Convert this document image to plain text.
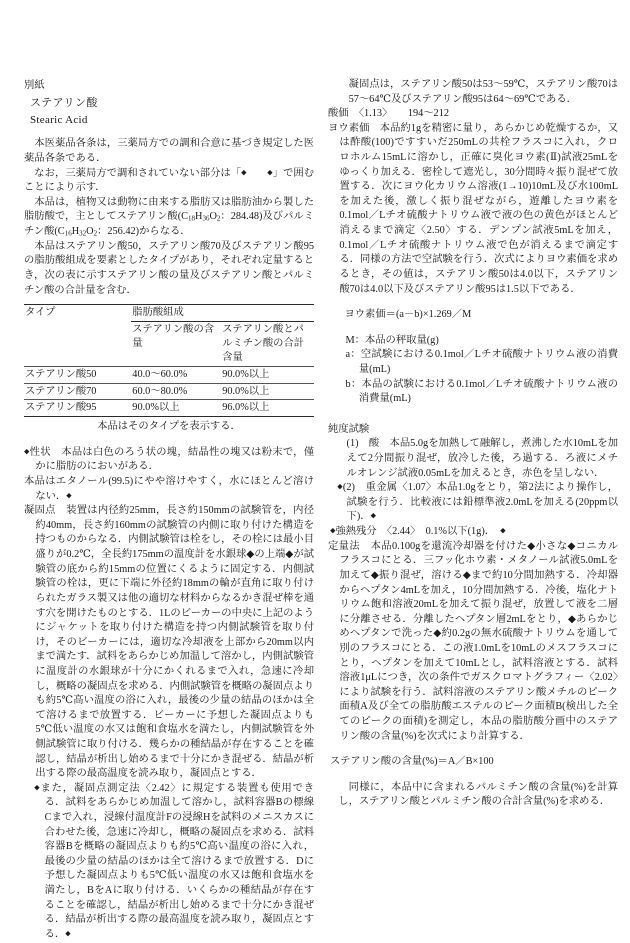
別紙
ステアリン酸
Stearic Acid

本医薬品各条は，三薬局方での調和合意に基づき規定した医薬品各条である．

なお，三薬局方で調和されていない部分は「◆　　	◆」で囲むことにより示す．

本品は，植物又は動物に由来する脂肪又は脂肪油から製した脂肪酸で，主としてステアリン酸($C_{18}H_{36}O_2$：284.48)及びパルミチン酸($C_{16}H_{32}O_2$：256.42)からなる．

本品はステアリン酸50，ステアリン酸70及びステアリン酸95の脂肪酸組成を要素としたタイプがあり，それぞれ定量するとき，次の表に示すステアリン酸の量及びステアリン酸とパルミチン酸の合計量を含む．

タイプ	脂肪酸組成	
	ステアリン酸の含量	ステアリン酸とパルミチン酸の合計含量
ステアリン酸50	40.0〜60.0%	90.0%以上
ステアリン酸70	60.0〜80.0%	90.0%以上
ステアリン酸95	90.0%以上	96.0%以上
本品はそのタイプを表示する．
◆性状　 本品は白色のろう状の塊，結晶性の塊又は粉末で，僅かに脂肪のにおいがある．
本品はエタノール(99.5)にやや溶けやすく，水にほとんど溶けない．◆
凝固点　 装置は内径約25mm，長さ約150mmの試験管を，内径約40mm，長さ約160mmの試験管の内側に取り付けた構造を持つものからなる．内側試験管は栓をし，その栓には最小目盛りが0.2℃，全長約175mmの温度計を水銀球◆の上端◆が試験管の底から約15mmの位置にくるように固定する．内側試験管の栓は，更に下端に外径約18mmの輪が直角に取り付けられたガラス製又は他の適切な材料からなるかき混ぜ棒を通す穴を開けたものとする．1Lのビーカーの中央に上記のようにジャケットを取り付けた構造を持つ内側試験管を取り付け，そのビーカーには，適切な冷却液を上部から20mm以内まで満たす．試料をあらかじめ加温して溶かし，内側試験管に温度計の水銀球が十分にかくれるまで入れ，急速に冷却し，概略の凝固点を求める．内側試験管を概略の凝固点よりも約5℃高い温度の浴に入れ，最後の少量の結晶のほかは全て溶けるまで放置する．ビーカーに予想した凝固点よりも5℃低い温度の水又は飽和食塩水を満たし，内側試験管を外側試験管に取り付ける．幾らかの種結晶が存在することを確認し，結晶が析出し始めるまで十分にかき混ぜる．結晶が析出する際の最高温度を読み取り，凝固点とする．
◆また，凝固点測定法〈2.42〉に規定する装置も使用できる．試料をあらかじめ加温して溶かし，試料容器Bの標線Cまで入れ，浸線付温度計Fの浸線Hを試料のメニスカスに合わせた後，急速に冷却し，概略の凝固点を求める．試料容器Bを概略の凝固点よりも約5℃高い温度の浴に入れ，最後の少量の結晶のほかは全て溶けるまで放置する．Dに予想した凝固点よりも5℃低い温度の水又は飽和食塩水を満たし，BをAに取り付ける．いくらかの種結晶が存在することを確認し，結晶が析出し始めるまで十分にかき混ぜる．結晶が析出する際の最高温度を読み取り，凝固点とする．◆
凝固点は，ステアリン酸50は53〜59℃，ステアリン酸70は57〜64℃及びステアリン酸95は64〜69℃である．
酸価　 〈1.13〉　　 194〜212
ヨウ素価　 本品約1gを精密に量り，あらかじめ乾燥するか，又は酢酸(100)ですすいだ250mLの共栓フラスコに入れ，クロロホルム15mLに溶かし，正確に臭化ヨウ素(Ⅱ)試液25mLをゆっくり加える．密栓して遮光し，30分間時々振り混ぜて放置する．次にヨウ化カリウム溶液(1→10)10mL及び水100mLを加えた後，激しく振り混ぜながら，遊離したヨウ素を0.1mol／Lチオ硫酸ナトリウム液で液の色の黄色がほとんど消えるまで滴定〈2.50〉する．デンプン試液5mLを加え，0.1mol／Lチオ硫酸ナトリウム液で色が消えるまで滴定する．同様の方法で空試験を行う．次式によりヨウ素価を求めるとき，その値は，ステアリン酸50は4.0以下，ステアリン酸70は4.0以下及びステアリン酸95は1.5以下である．
ヨウ素価＝(a－b)×1.269／M
M：本品の秤取量(g)
a：空試験における0.1mol／Lチオ硫酸ナトリウム液の消費量(mL)
b：本品の試験における0.1mol／Lチオ硫酸ナトリウム液の消費量(mL)
純度試験
(1)　酸　本品5.0gを加熱して融解し，煮沸した水10mLを加えて2分間振り混ぜ，放冷した後，ろ過する．ろ液にメチルオレンジ試液0.05mLを加えるとき，赤色を呈しない．
◆(2)　重金属〈1.07〉本品1.0gをとり，第2法により操作し，試験を行う．比較液には鉛標準液2.0mLを加える(20ppm以下)．◆
◆強熱残分　 〈2.44〉　 0.1%以下(1g)．　 ◆
定量法　 本品0.100gを還流冷却器を付けた◆小さな◆コニカルフラスコにとる．三フッ化ホウ素・メタノール試液5.0mLを加えて◆振り混ぜ，溶ける◆まで約10分間加熱する．冷却器からヘプタン4mLを加え，10分間加熱する．冷後，塩化ナトリウム飽和溶液20mLを加えて振り混ぜ，放置して液を二層に分離させる．分離したヘプタン層2mLをとり，◆あらかじめヘプタンで洗った◆約0.2gの無水硫酸ナトリウムを通して別のフラスコにとる．この液1.0mLを10mLのメスフラスコにとり，ヘプタンを加えて10mLとし，試料溶液とする．試料溶液1μLにつき，次の条件でガスクロマトグラフィー〈2.02〉により試験を行う．試料溶液のステアリン酸メチルのピーク面積A及び全ての脂肪酸エステルのピーク面積B(検出した全てのピークの面積)を測定し，本品の脂肪酸分画中のステアリン酸の含量(%)を次式により計算する．
ステアリン酸の含量(%)＝A／B×100
同様に，本品中に含まれるパルミチン酸の含量(%)を計算し，ステアリン酸とパルミチン酸の合計含量(%)を求める．
